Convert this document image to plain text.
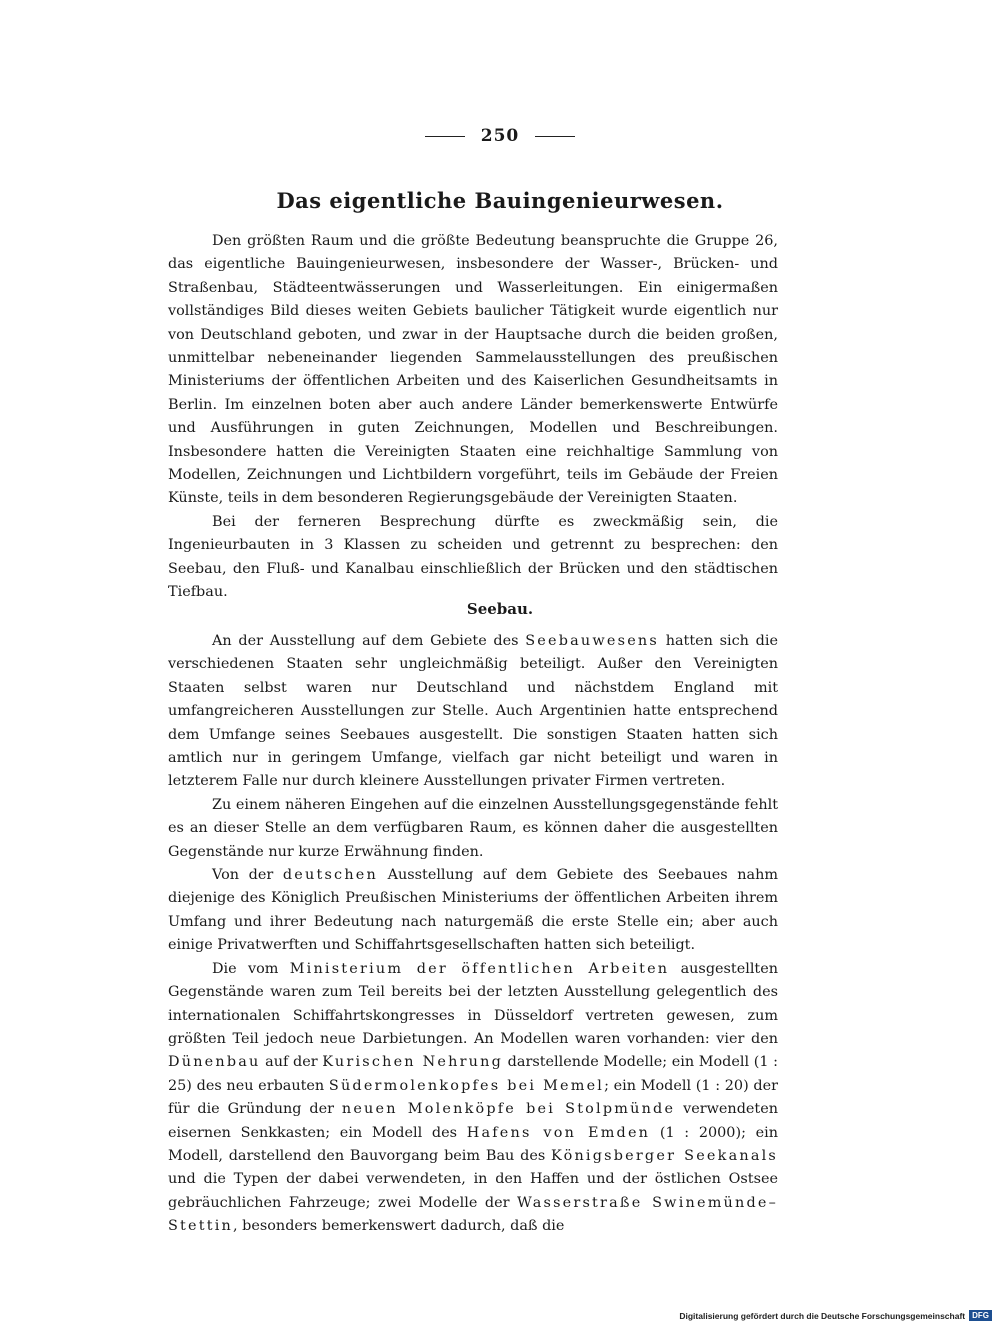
250
Das eigentliche Bauingenieurwesen.

Den größten Raum und die größte Bedeutung beanspruchte die Gruppe 26, das eigentliche Bauingenieurwesen, insbesondere der Wasser-, Brücken- und Straßenbau, Städteentwässerungen und Wasserleitungen. Ein einigermaßen vollständiges Bild dieses weiten Gebiets baulicher Tätigkeit wurde eigentlich nur von Deutschland geboten, und zwar in der Hauptsache durch die beiden großen, unmittelbar nebeneinander liegenden Sammelausstellungen des preußischen Ministeriums der öffentlichen Arbeiten und des Kaiserlichen Gesundheitsamts in Berlin. Im einzelnen boten aber auch andere Länder bemerkenswerte Entwürfe und Ausführungen in guten Zeichnungen, Modellen und Beschreibungen. Insbesondere hatten die Vereinigten Staaten eine reichhaltige Sammlung von Modellen, Zeichnungen und Lichtbildern vorgeführt, teils im Gebäude der Freien Künste, teils in dem besonderen Regierungsgebäude der Vereinigten Staaten.

Bei der ferneren Besprechung dürfte es zweckmäßig sein, die Ingenieurbauten in 3 Klassen zu scheiden und getrennt zu besprechen: den Seebau, den Fluß- und Kanalbau einschließlich der Brücken und den städtischen Tiefbau.

Seebau.

An der Ausstellung auf dem Gebiete des Seebauwesens hatten sich die verschiedenen Staaten sehr ungleichmäßig beteiligt. Außer den Vereinigten Staaten selbst waren nur Deutschland und nächstdem England mit umfangreicheren Ausstellungen zur Stelle. Auch Argentinien hatte entsprechend dem Umfange seines Seebaues ausgestellt. Die sonstigen Staaten hatten sich amtlich nur in geringem Umfange, vielfach gar nicht beteiligt und waren in letzterem Falle nur durch kleinere Ausstellungen privater Firmen vertreten.

Zu einem näheren Eingehen auf die einzelnen Ausstellungsgegenstände fehlt es an dieser Stelle an dem verfügbaren Raum, es können daher die ausgestellten Gegenstände nur kurze Erwähnung finden.

Von der deutschen Ausstellung auf dem Gebiete des Seebaues nahm diejenige des Königlich Preußischen Ministeriums der öffentlichen Arbeiten ihrem Umfang und ihrer Bedeutung nach naturgemäß die erste Stelle ein; aber auch einige Privatwerften und Schiffahrtsgesellschaften hatten sich beteiligt.

Die vom Ministerium der öffentlichen Arbeiten ausgestellten Gegenstände waren zum Teil bereits bei der letzten Ausstellung gelegentlich des internationalen Schiffahrtskongresses in Düsseldorf vertreten gewesen, zum größten Teil jedoch neue Darbietungen. An Modellen waren vorhanden: vier den Dünenbau auf der Kurischen Nehrung darstellende Modelle; ein Modell (1 : 25) des neu erbauten Südermolenkopfes bei Memel; ein Modell (1 : 20) der für die Gründung der neuen Molenköpfe bei Stolpmünde verwendeten eisernen Senkkasten; ein Modell des Hafens von Emden (1 : 2000); ein Modell, darstellend den Bauvorgang beim Bau des Königsberger Seekanals und die Typen der dabei verwendeten, in den Haffen und der östlichen Ostsee gebräuchlichen Fahrzeuge; zwei Modelle der Wasserstraße Swinemünde–Stettin, besonders bemerkenswert dadurch, daß die

Digitalisierung gefördert durch die Deutsche Forschungsgemeinschaft DFG
